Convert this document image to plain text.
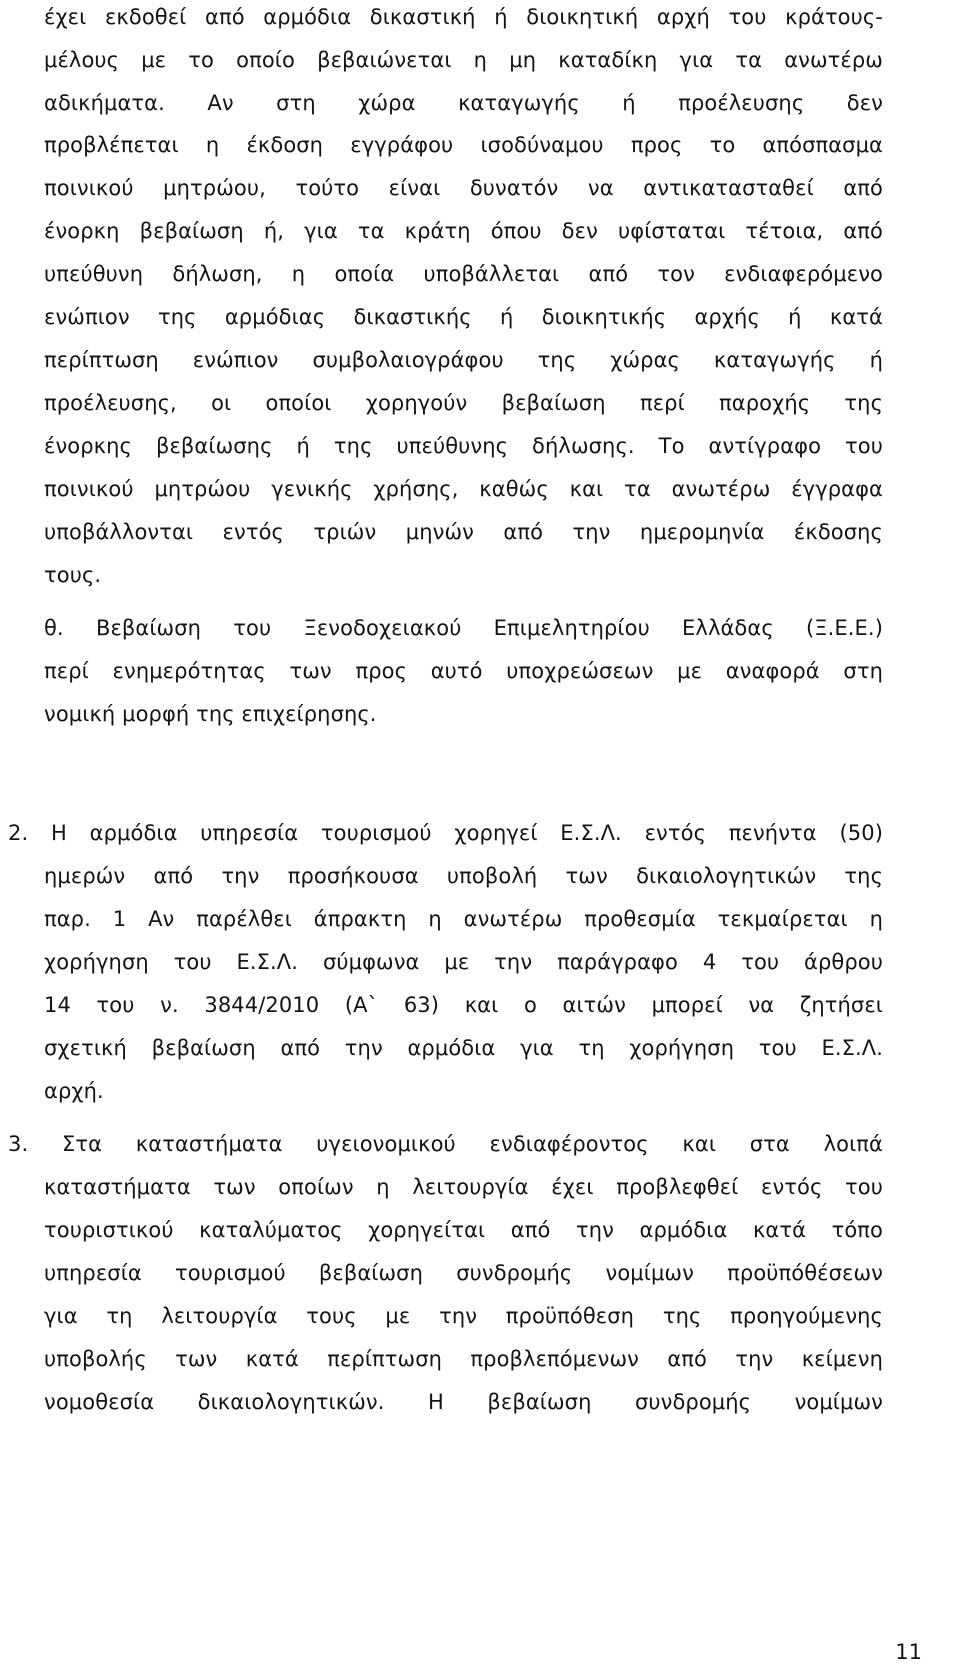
έχει εκδοθεί από αρμόδια δικαστική ή διοικητική αρχή του κράτους-
μέλους με το οποίο βεβαιώνεται η μη καταδίκη για τα ανωτέρω
αδικήματα. Αν στη χώρα καταγωγής ή προέλευσης δεν
προβλέπεται η έκδοση εγγράφου ισοδύναμου προς το απόσπασμα
ποινικού μητρώου, τούτο είναι δυνατόν να αντικατασταθεί από
ένορκη βεβαίωση ή, για τα κράτη όπου δεν υφίσταται τέτοια, από
υπεύθυνη δήλωση, η οποία υποβάλλεται από τον ενδιαφερόμενο
ενώπιον της αρμόδιας δικαστικής ή διοικητικής αρχής ή κατά
περίπτωση ενώπιον συμβολαιογράφου της χώρας καταγωγής ή
προέλευσης, οι οποίοι χορηγούν βεβαίωση περί παροχής της
ένορκης βεβαίωσης ή της υπεύθυνης δήλωσης. Το αντίγραφο του
ποινικού μητρώου γενικής χρήσης, καθώς και τα ανωτέρω έγγραφα
υποβάλλονται εντός τριών μηνών από την ημερομηνία έκδοσης
τους.
θ. Βεβαίωση του Ξενοδοχειακού Επιμελητηρίου Ελλάδας (Ξ.Ε.Ε.)
περί ενημερότητας των προς αυτό υποχρεώσεων με αναφορά στη
νομική μορφή της επιχείρησης.
2. Η αρμόδια υπηρεσία τουρισμού χορηγεί Ε.Σ.Λ. εντός πενήντα (50)
ημερών από την προσήκουσα υποβολή των δικαιολογητικών της
παρ. 1 Αν παρέλθει άπρακτη η ανωτέρω προθεσμία τεκμαίρεται η
χορήγηση του Ε.Σ.Λ. σύμφωνα με την παράγραφο 4 του άρθρου
14 του ν. 3844/2010 (Α` 63) και ο αιτών μπορεί να ζητήσει
σχετική βεβαίωση από την αρμόδια για τη χορήγηση του Ε.Σ.Λ.
αρχή.
3. Στα καταστήματα υγειονομικού ενδιαφέροντος και στα λοιπά
καταστήματα των οποίων η λειτουργία έχει προβλεφθεί εντός του
τουριστικού καταλύματος χορηγείται από την αρμόδια κατά τόπο
υπηρεσία τουρισμού βεβαίωση συνδρομής νομίμων προϋπόθέσεων
για τη λειτουργία τους με την προϋπόθεση της προηγούμενης
υποβολής των κατά περίπτωση προβλεπόμενων από την κείμενη
νομοθεσία δικαιολογητικών. Η βεβαίωση συνδρομής νομίμων
11
